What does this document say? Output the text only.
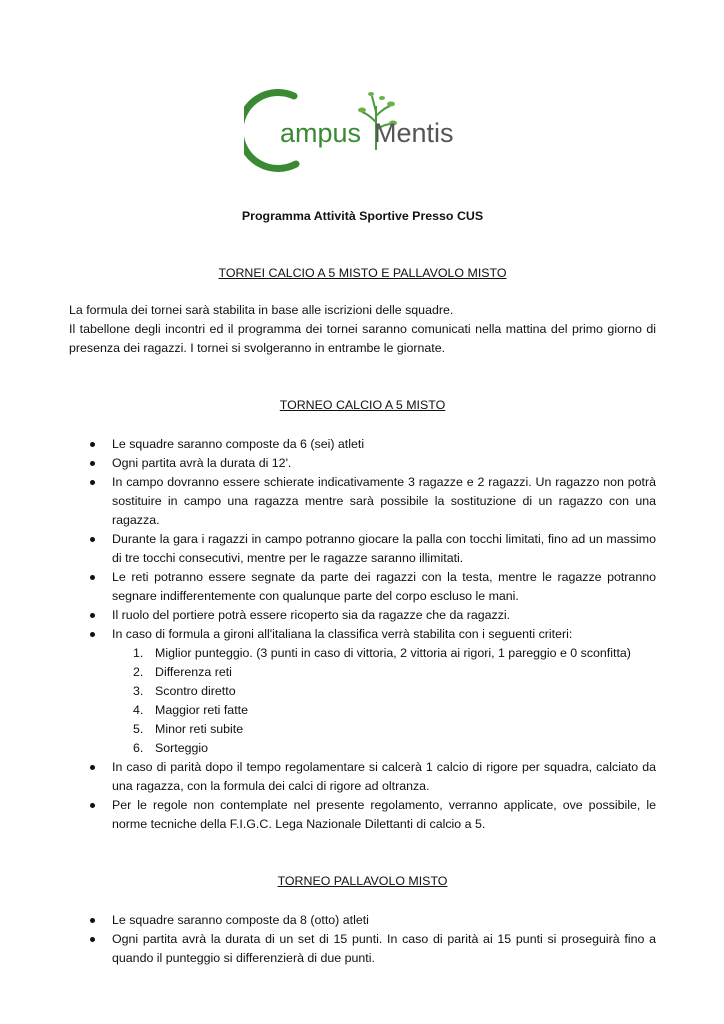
ampus Mentis

Programma Attività Sportive Presso CUS

TORNEI CALCIO A 5 MISTO E PALLAVOLO MISTO

La formula dei tornei sarà stabilita in base alle iscrizioni delle squadre.

Il tabellone degli incontri ed il programma dei tornei saranno comunicati nella mattina del primo giorno di presenza dei ragazzi. I tornei si svolgeranno in entrambe le giornate.

TORNEO CALCIO A 5 MISTO

Le squadre saranno composte da 6 (sei) atleti
Ogni partita avrà la durata di 12'.
In campo dovranno essere schierate indicativamente 3 ragazze e 2 ragazzi. Un ragazzo non potrà sostituire in campo una ragazza mentre sarà possibile la sostituzione di un ragazzo con una ragazza.
Durante la gara i ragazzi in campo potranno giocare la palla con tocchi limitati, fino ad un massimo di tre tocchi consecutivi, mentre per le ragazze saranno illimitati.
Le reti potranno essere segnate da parte dei ragazzi con la testa, mentre le ragazze potranno segnare indifferentemente con qualunque parte del corpo escluso le mani.
Il ruolo del portiere potrà essere ricoperto sia da ragazze che da ragazzi.
In caso di formula a gironi all'italiana la classifica verrà stabilita con i seguenti criteri:
1. Miglior punteggio. (3 punti in caso di vittoria, 2 vittoria ai rigori, 1 pareggio e 0 sconfitta)
2. Differenza reti
3. Scontro diretto
4. Maggior reti fatte
5. Minor reti subite
6. Sorteggio
In caso di parità dopo il tempo regolamentare si calcerà 1 calcio di rigore per squadra, calciato da una ragazza, con la formula dei calci di rigore ad oltranza.
Per le regole non contemplate nel presente regolamento, verranno applicate, ove possibile, le norme tecniche della F.I.G.C. Lega Nazionale Dilettanti di calcio a 5.

TORNEO PALLAVOLO MISTO

Le squadre saranno composte da 8 (otto) atleti
Ogni partita avrà la durata di un set di 15 punti. In caso di parità ai 15 punti si proseguirà fino a quando il punteggio si differenzierà di due punti.
